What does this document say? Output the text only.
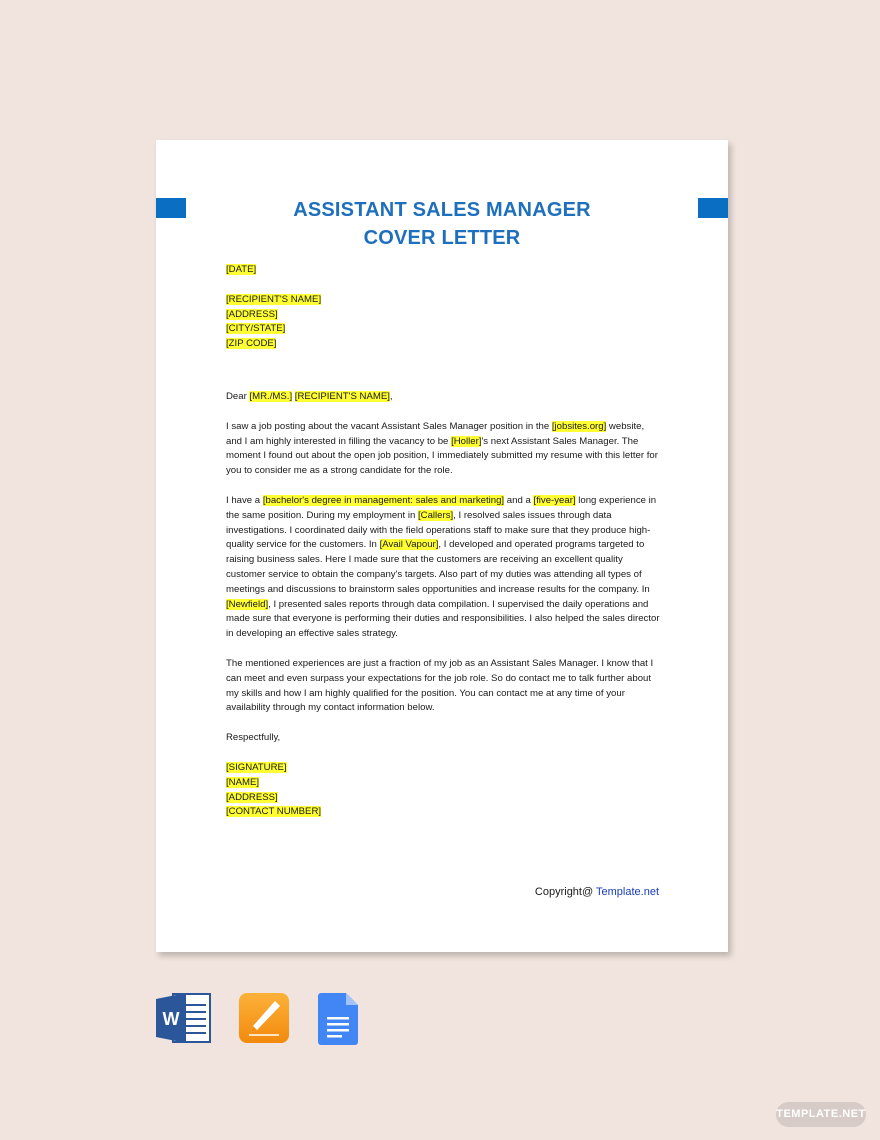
ASSISTANT SALES MANAGER
COVER LETTER

[DATE]

[RECIPIENT'S NAME]
[ADDRESS]
[CITY/STATE]
[ZIP CODE]

Dear [MR./MS.] [RECIPIENT'S NAME],

I saw a job posting about the vacant Assistant Sales Manager position in the [jobsites.org] website, and I am highly interested in filling the vacancy to be [Holler]'s next Assistant Sales Manager. The moment I found out about the open job position, I immediately submitted my resume with this letter for you to consider me as a strong candidate for the role.

I have a [bachelor's degree in management: sales and marketing] and a [five-year] long experience in the same position. During my employment in [Callers], I resolved sales issues through data investigations. I coordinated daily with the field operations staff to make sure that they produce high-quality service for the customers. In [Avail Vapour], I developed and operated programs targeted to raising business sales. Here I made sure that the customers are receiving an excellent quality customer service to obtain the company's targets. Also part of my duties was attending all types of meetings and discussions to brainstorm sales opportunities and increase results for the company. In [Newfield], I presented sales reports through data compilation. I supervised the daily operations and made sure that everyone is performing their duties and responsibilities. I also helped the sales director in developing an effective sales strategy.

The mentioned experiences are just a fraction of my job as an Assistant Sales Manager. I know that I can meet and even surpass your expectations for the job role. So do contact me to talk further about my skills and how I am highly qualified for the position. You can contact me at any time of your availability through my contact information below.

Respectfully,

[SIGNATURE]
[NAME]
[ADDRESS]
[CONTACT NUMBER]

Copyright@ Template.net
W
TEMPLATE.NET
